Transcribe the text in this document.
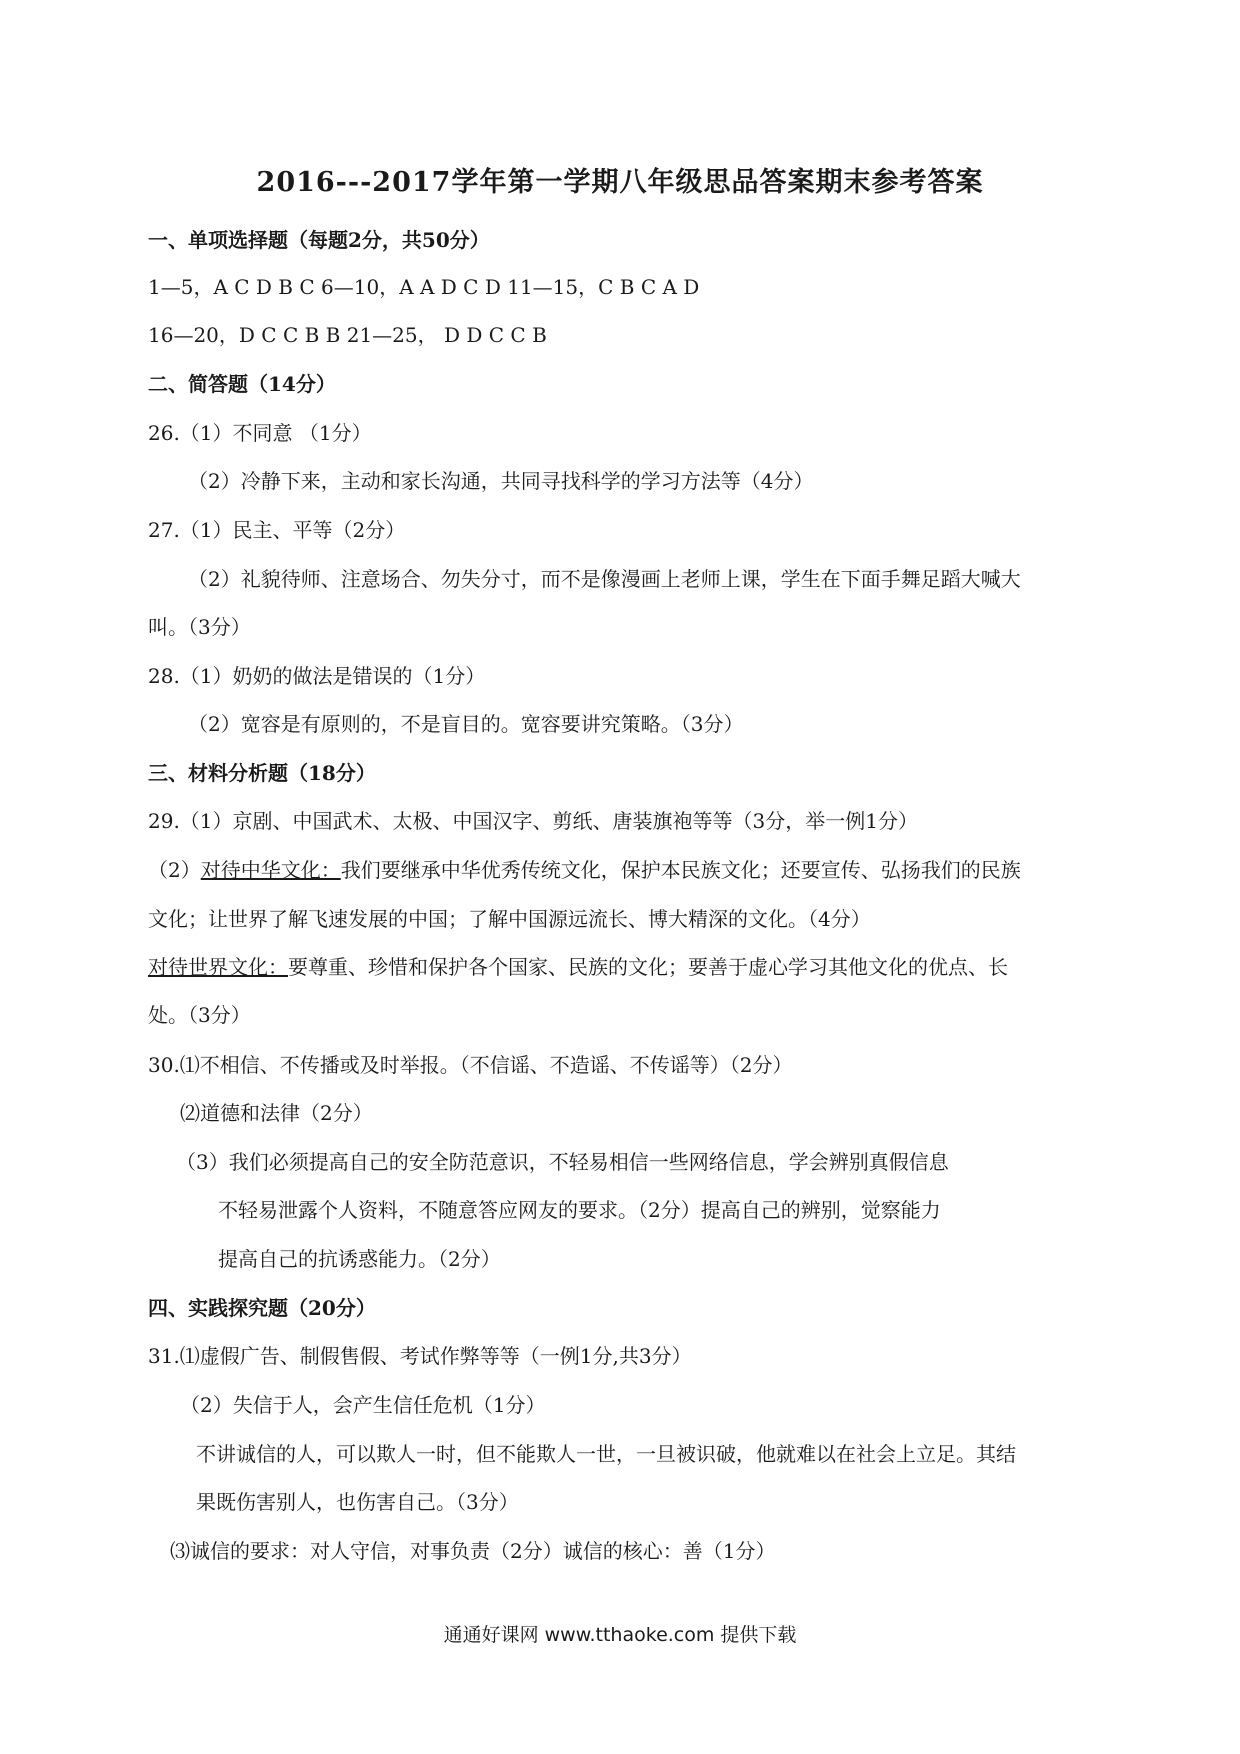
2016---2017学年第一学期八年级思品答案期末参考答案
一、单项选择题（每题2分，共50分）
1—5，A C D B C 6—10，A A D C D 11—15，C B C A D
16—20，D C C B B 21—25， D D C C B
二、简答题（14分）
26.（1）不同意 （1分）
（2）冷静下来，主动和家长沟通，共同寻找科学的学习方法等（4分）
27.（1）民主、平等（2分）
（2）礼貌待师、注意场合、勿失分寸，而不是像漫画上老师上课，学生在下面手舞足蹈大喊大
叫。（3分）
28.（1）奶奶的做法是错误的（1分）
（2）宽容是有原则的，不是盲目的。宽容要讲究策略。（3分）
三、材料分析题（18分）
29.（1）京剧、中国武术、太极、中国汉字、剪纸、唐装旗袍等等（3分，举一例1分）
（2）对待中华文化：我们要继承中华优秀传统文化，保护本民族文化；还要宣传、弘扬我们的民族
文化；让世界了解飞速发展的中国；了解中国源远流长、博大精深的文化。（4分）
对待世界文化：要尊重、珍惜和保护各个国家、民族的文化；要善于虚心学习其他文化的优点、长
处。（3分）
30.⑴不相信、不传播或及时举报。（不信谣、不造谣、不传谣等）（2分）
⑵道德和法律（2分）
（3）我们必须提高自己的安全防范意识，不轻易相信一些网络信息，学会辨别真假信息
不轻易泄露个人资料，不随意答应网友的要求。（2分）提高自己的辨别，觉察能力
提高自己的抗诱惑能力。（2分）
四、实践探究题（20分）
31.⑴虚假广告、制假售假、考试作弊等等（一例1分,共3分）
（2）失信于人，会产生信任危机（1分）
不讲诚信的人，可以欺人一时，但不能欺人一世，一旦被识破，他就难以在社会上立足。其结
果既伤害别人，也伤害自己。（3分）
⑶诚信的要求：对人守信，对事负责（2分）诚信的核心：善（1分）
通通好课网 www.tthaoke.com 提供下载
